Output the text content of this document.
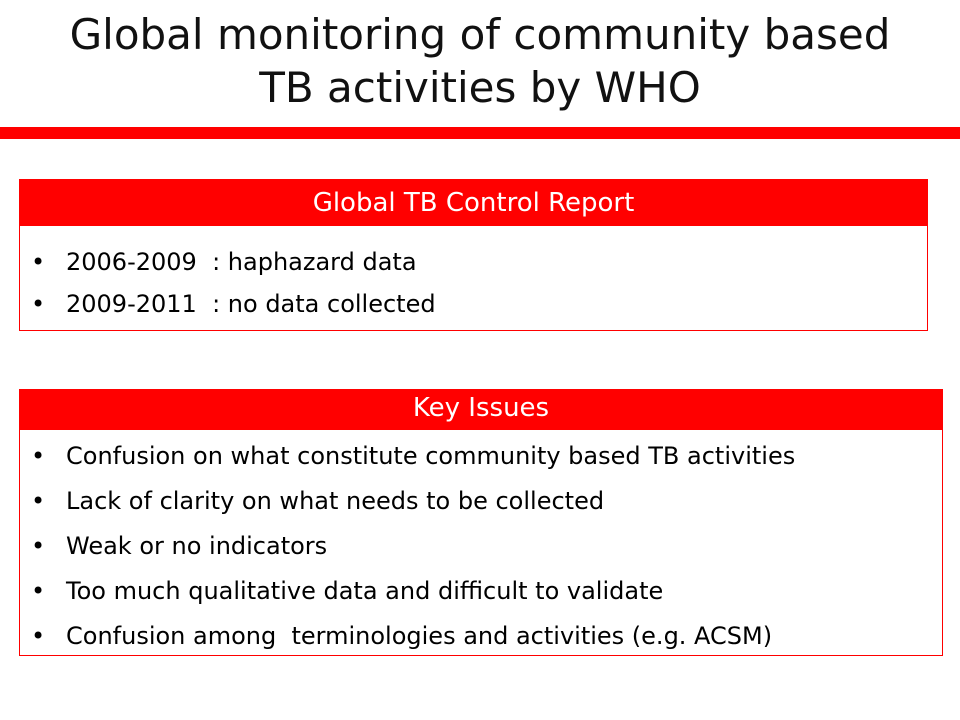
Global monitoring of community based
TB activities by WHO
Global TB Control Report
• 2006-2009  : haphazard data
• 2009-2011  : no data collected
Key Issues
• Confusion on what constitute community based TB activities
• Lack of clarity on what needs to be collected
• Weak or no indicators
• Too much qualitative data and difficult to validate
• Confusion among  terminologies and activities (e.g. ACSM)
